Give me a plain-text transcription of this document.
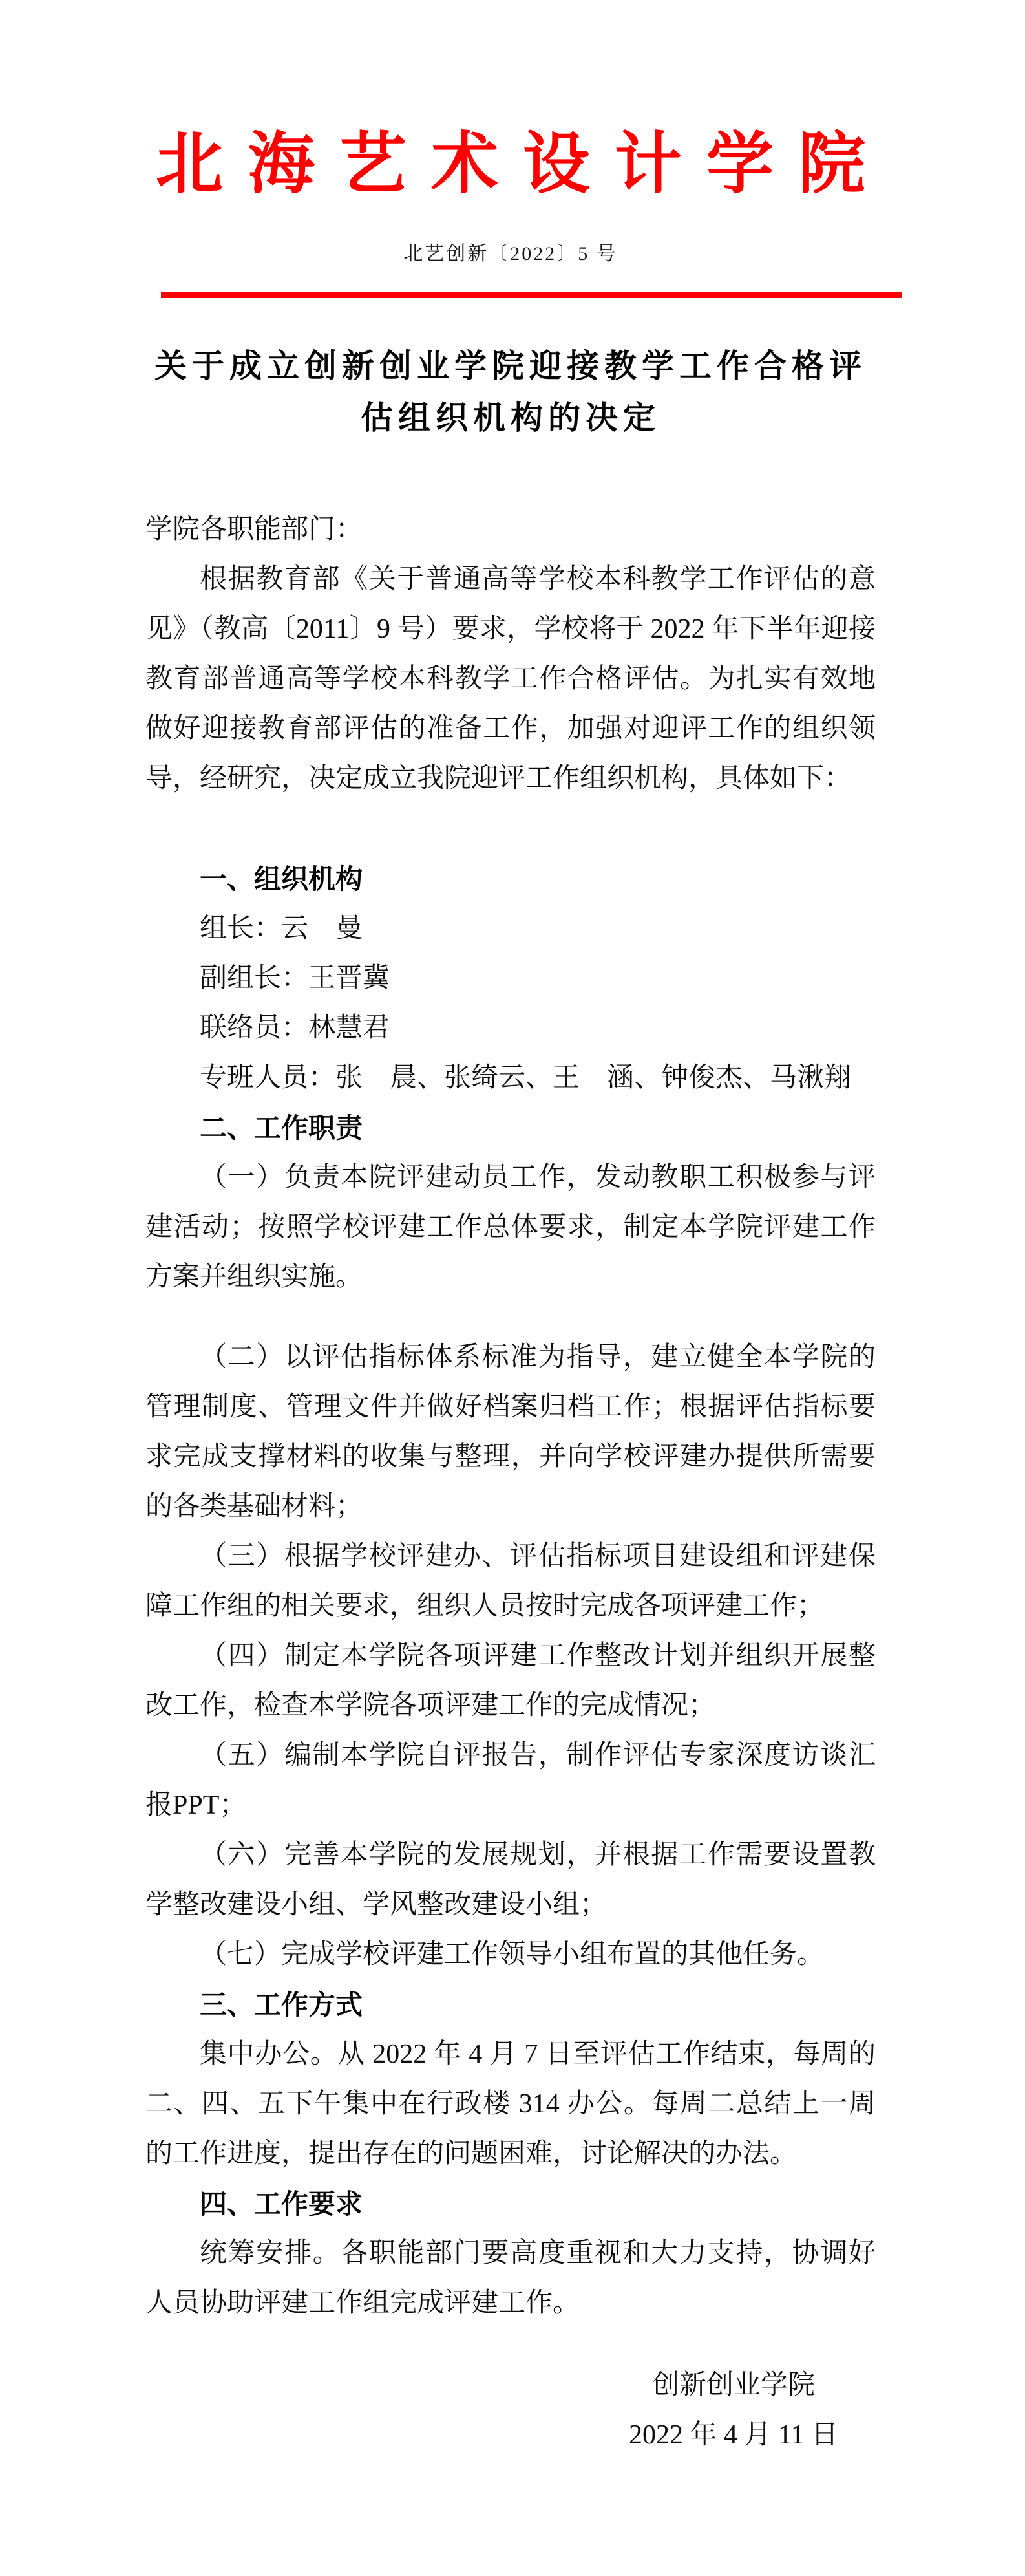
北海艺术设计学院
北艺创新〔2022〕5 号
关于成立创新创业学院迎接教学工作合格评
估组织机构的决定

学院各职能部门：

根据教育部《关于普通高等学校本科教学工作评估的意见》（教高〔2011〕9 号）要求，学校将于 2022 年下半年迎接教育部普通高等学校本科教学工作合格评估。为扎实有效地做好迎接教育部评估的准备工作，加强对迎评工作的组织领导，经研究，决定成立我院迎评工作组织机构，具体如下：

一、组织机构

组长：云　曼

副组长：王晋冀

联络员：林慧君

专班人员：张　晨、张绮云、王　涵、钟俊杰、马湫翔

二、工作职责

（一）负责本院评建动员工作，发动教职工积极参与评建活动；按照学校评建工作总体要求，制定本学院评建工作方案并组织实施。

（二）以评估指标体系标准为指导，建立健全本学院的管理制度、管理文件并做好档案归档工作；根据评估指标要求完成支撑材料的收集与整理，并向学校评建办提供所需要的各类基础材料；

（三）根据学校评建办、评估指标项目建设组和评建保障工作组的相关要求，组织人员按时完成各项评建工作；

（四）制定本学院各项评建工作整改计划并组织开展整改工作，检查本学院各项评建工作的完成情况；

（五）编制本学院自评报告，制作评估专家深度访谈汇报PPT；

（六）完善本学院的发展规划，并根据工作需要设置教学整改建设小组、学风整改建设小组；

（七）完成学校评建工作领导小组布置的其他任务。

三、工作方式

集中办公。从 2022 年 4 月 7 日至评估工作结束，每周的二、四、五下午集中在行政楼 314 办公。每周二总结上一周的工作进度，提出存在的问题困难，讨论解决的办法。

四、工作要求

统筹安排。各职能部门要高度重视和大力支持，协调好人员协助评建工作组完成评建工作。

创新创业学院
2022 年 4 月 11 日
